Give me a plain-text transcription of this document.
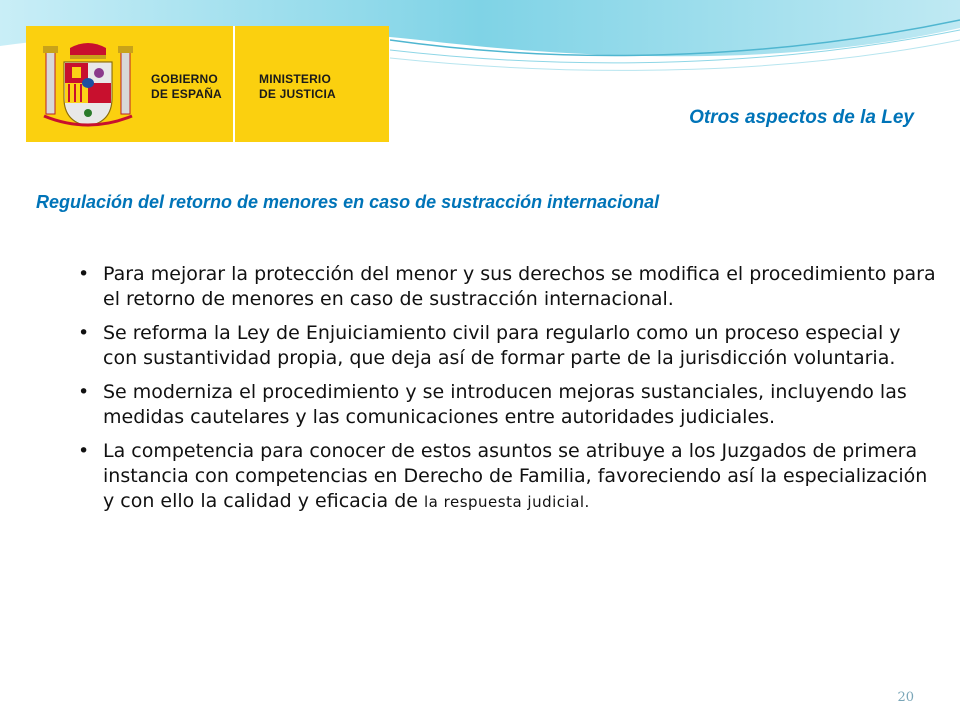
GOBIERNO
DE ESPAÑA
MINISTERIO
DE JUSTICIA
Otros aspectos de la Ley
Regulación del retorno de menores en caso de sustracción internacional
• Para mejorar la protección del menor y sus derechos se modifica el procedimiento para el retorno de menores en caso de sustracción internacional.
• Se reforma la Ley de Enjuiciamiento civil para regularlo como un proceso especial y con sustantividad propia, que deja así de formar parte de la jurisdicción voluntaria.
• Se moderniza el procedimiento y se introducen mejoras sustanciales, incluyendo las medidas cautelares y las comunicaciones entre autoridades judiciales.
• La competencia para conocer de estos asuntos se atribuye a los Juzgados de primera instancia con competencias en Derecho de Familia, favoreciendo así la especialización y con ello la calidad y eficacia de la respuesta judicial.
20
